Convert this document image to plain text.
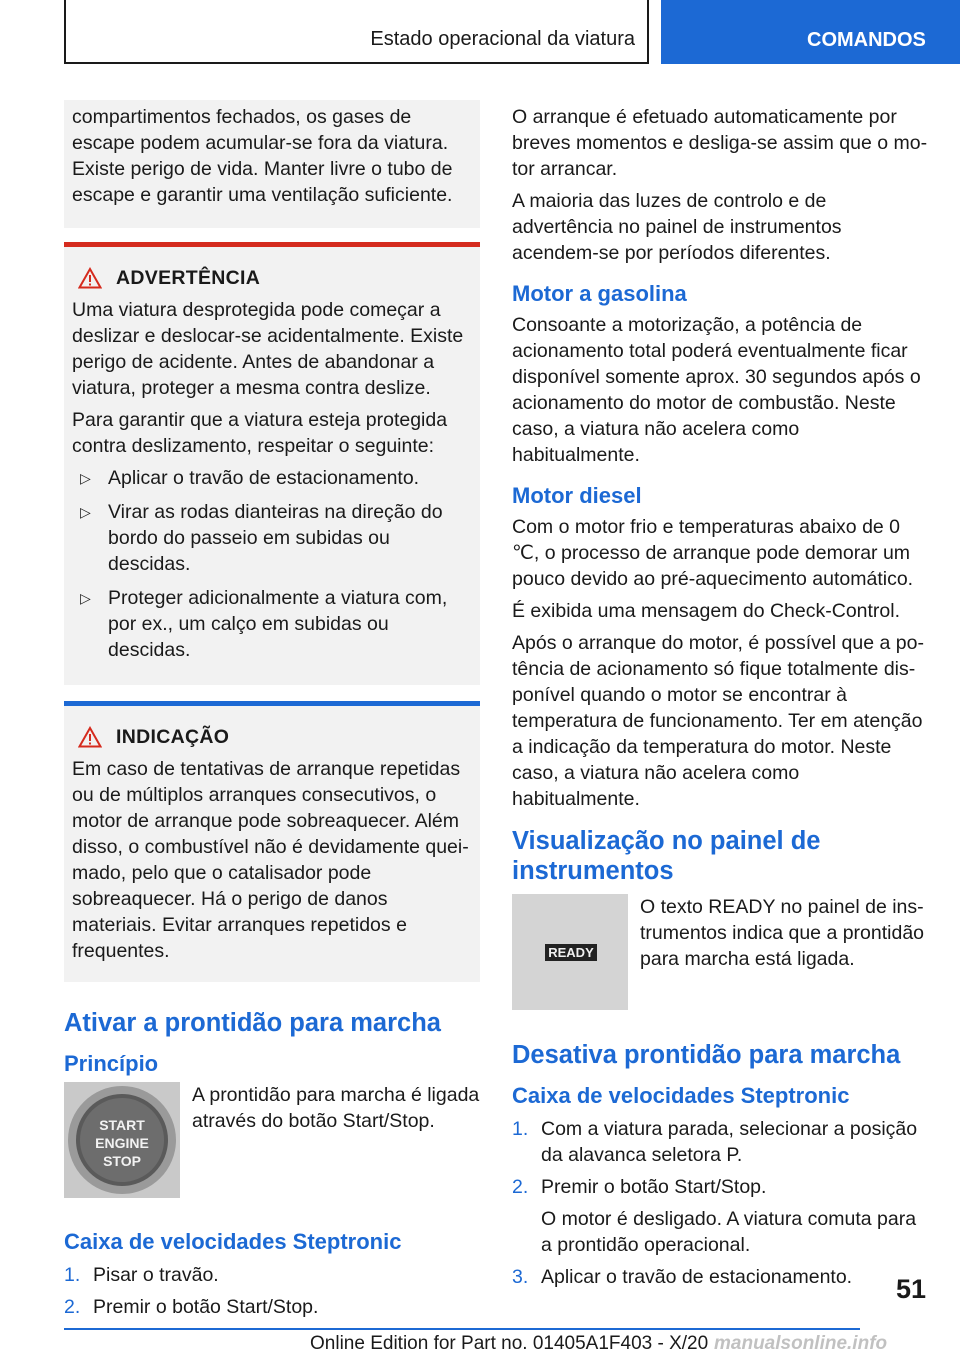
Estado operacional da viatura	COMANDOS

compartimentos fechados, os gases de escape podem acumular-se fora da viatura. Existe perigo de vida. Manter livre o tubo de escape e garantir uma ventilação suficiente.

ADVERTÊNCIA

Uma viatura desprotegida pode começar a deslizar e deslocar-se acidentalmente. Existe perigo de acidente. Antes de abandonar a viatura, proteger a mesma contra deslize.

Para garantir que a viatura esteja protegida contra deslizamento, respeitar o seguinte:

▷ Aplicar o travão de estacionamento.
▷ Virar as rodas dianteiras na direção do bordo do passeio em subidas ou descidas.
▷ Proteger adicionalmente a viatura com, por ex., um calço em subidas ou descidas.
INDICAÇÃO

Em caso de tentativas de arranque repetidas ou de múltiplos arranques consecutivos, o motor de arranque pode sobreaquecer. Além disso, o combustível não é devidamente queimado, pelo que o catalisador pode sobreaquecer. Há o perigo de danos materiais. Evitar arranques repetidos e frequentes.

Ativar a prontidão para marcha
Princípio
START
ENGINE
STOP

A prontidão para marcha é ligada através do botão Start/Stop.

Caixa de velocidades Steptronic
1. Pisar o travão.
2. Premir o botão Start/Stop.

O arranque é efetuado automaticamente por breves momentos e desliga-se assim que o motor arrancar.

A maioria das luzes de controlo e de advertência no painel de instrumentos acendem-se por períodos diferentes.

Motor a gasolina

Consoante a motorização, a potência de acionamento total poderá eventualmente ficar disponível somente aprox. 30 segundos após o acionamento do motor de combustão. Neste caso, a viatura não acelera como habitualmente.

Motor diesel

Com o motor frio e temperaturas abaixo de 0 ℃, o processo de arranque pode demorar um pouco devido ao pré-aquecimento automático.

É exibida uma mensagem do Check-Control.

Após o arranque do motor, é possível que a potência de acionamento só fique totalmente disponível quando o motor se encontrar à temperatura de funcionamento. Ter em atenção a indicação da temperatura do motor. Neste caso, a viatura não acelera como habitualmente.

Visualização no painel de instrumentos
READY

O texto READY no painel de instrumentos indica que a prontidão para marcha está ligada.

Desativa prontidão para marcha
Caixa de velocidades Steptronic
1. Com a viatura parada, selecionar a posição da alavanca seletora P.
2. Premir o botão Start/Stop.
O motor é desligado. A viatura comuta para a prontidão operacional.
3. Aplicar o travão de estacionamento.	51
Online Edition for Part no. 01405A1F403 - X/20 manualsonline.info
